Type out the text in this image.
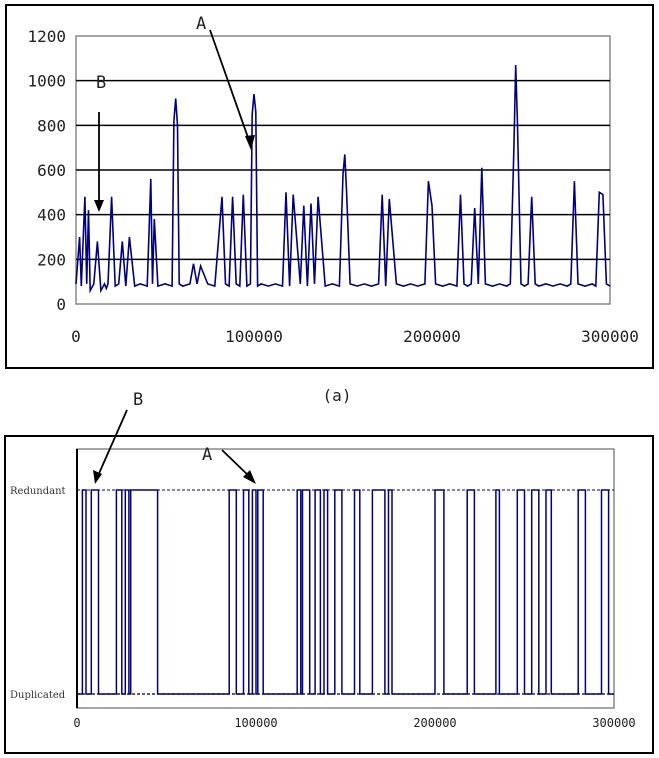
0
200
400
600
800
1000
1200
0	100000	200000	300000
A
B
(a)
Redundant
Duplicated
0	100000	200000	300000
B
A
